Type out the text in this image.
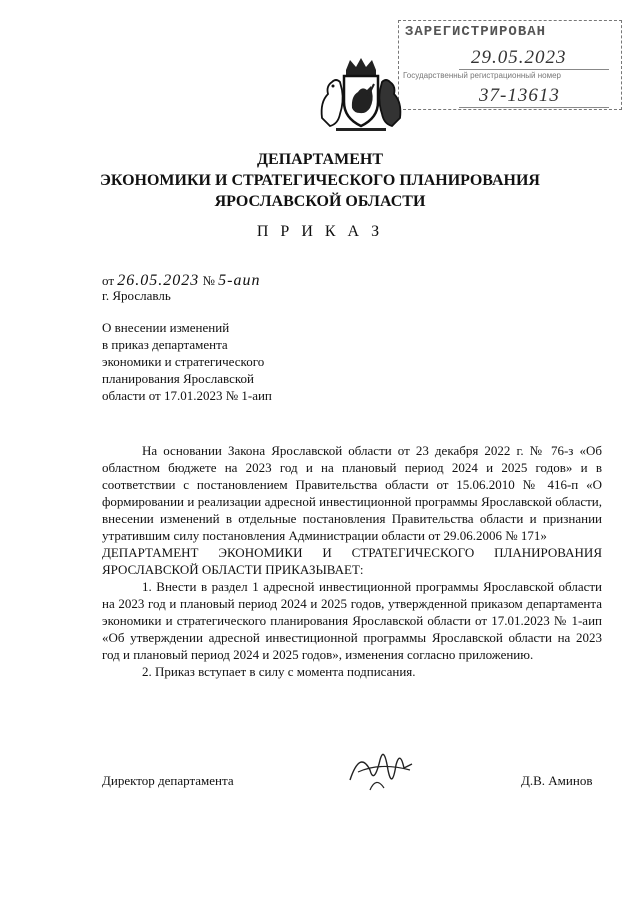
ЗАРЕГИСТРИРОВАН
29.05.2023
Государственный регистрационный номер
37-13613
ДЕПАРТАМЕНТ
ЭКОНОМИКИ И СТРАТЕГИЧЕСКОГО ПЛАНИРОВАНИЯ
ЯРОСЛАВСКОЙ ОБЛАСТИ
П Р И К А З
от 26.05.2023 № 5-аип
г. Ярославль
О внесении изменений
в приказ департамента
экономики и стратегического
планирования Ярославской
области от 17.01.2023 № 1-аип

На основании Закона Ярославской области от 23 декабря 2022 г. № 76-з «Об областном бюджете на 2023 год и на плановый период 2024 и 2025 годов» и в соответствии с постановлением Правительства области от 15.06.2010 № 416-п «О формировании и реализации адресной инвестиционной программы Ярославской области, внесении изменений в отдельные постановления Правительства области и признании утратившим силу постановления Администрации области от 29.06.2006 № 171»

ДЕПАРТАМЕНТ ЭКОНОМИКИ И СТРАТЕГИЧЕСКОГО ПЛАНИРОВАНИЯ ЯРОСЛАВСКОЙ ОБЛАСТИ ПРИКАЗЫВАЕТ:

1. Внести в раздел 1 адресной инвестиционной программы Ярославской области на 2023 год и плановый период 2024 и 2025 годов, утвержденной приказом департамента экономики и стратегического планирования Ярославской области от 17.01.2023 № 1-аип «Об утверждении адресной инвестиционной программы Ярославской области на 2023 год и плановый период 2024 и 2025 годов», изменения согласно приложению.

2. Приказ вступает в силу с момента подписания.

Директор департамента	Д.В. Аминов
